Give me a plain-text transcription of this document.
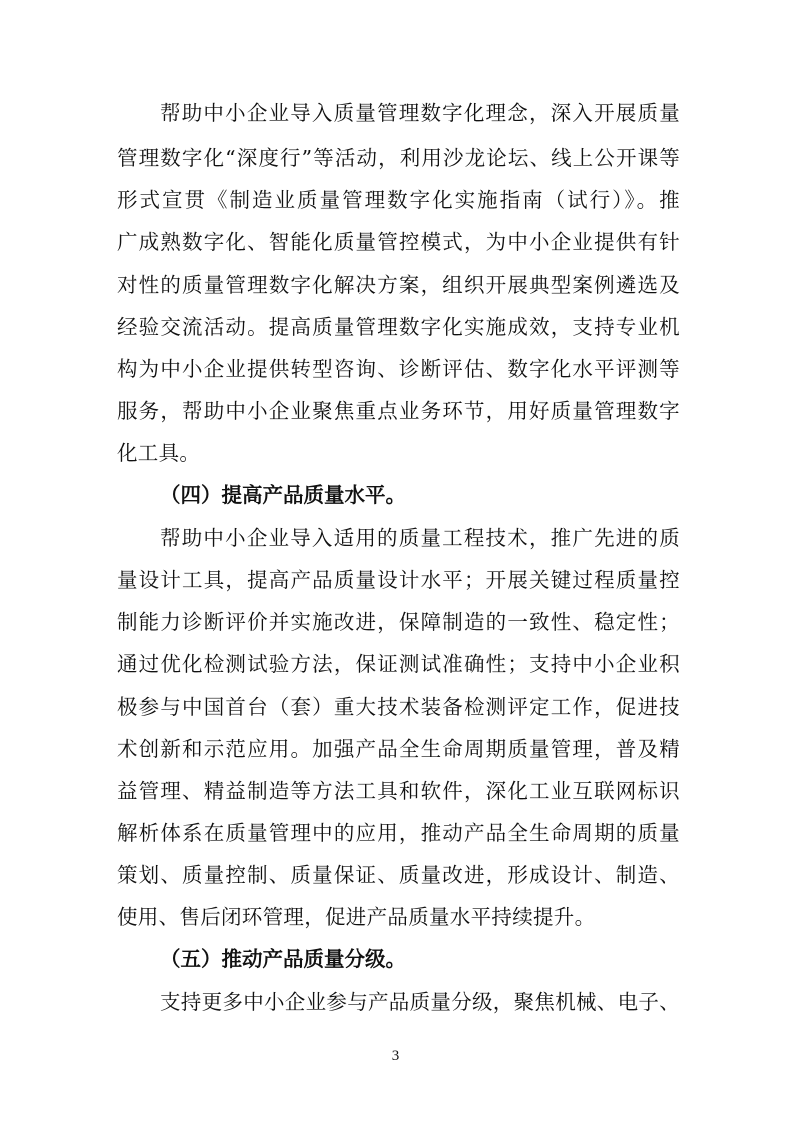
帮助中小企业导入质量管理数字化理念，深入开展质量
管理数字化“深度行”等活动，利用沙龙论坛、线上公开课等
形式宣贯《制造业质量管理数字化实施指南（试行）》。推
广成熟数字化、智能化质量管控模式，为中小企业提供有针
对性的质量管理数字化解决方案，组织开展典型案例遴选及
经验交流活动。提高质量管理数字化实施成效，支持专业机
构为中小企业提供转型咨询、诊断评估、数字化水平评测等
服务，帮助中小企业聚焦重点业务环节，用好质量管理数字
化工具。
（四）提高产品质量水平。
帮助中小企业导入适用的质量工程技术，推广先进的质
量设计工具，提高产品质量设计水平；开展关键过程质量控
制能力诊断评价并实施改进，保障制造的一致性、稳定性；
通过优化检测试验方法，保证测试准确性；支持中小企业积
极参与中国首台（套）重大技术装备检测评定工作，促进技
术创新和示范应用。加强产品全生命周期质量管理，普及精
益管理、精益制造等方法工具和软件，深化工业互联网标识
解析体系在质量管理中的应用，推动产品全生命周期的质量
策划、质量控制、质量保证、质量改进，形成设计、制造、
使用、售后闭环管理，促进产品质量水平持续提升。
（五）推动产品质量分级。
支持更多中小企业参与产品质量分级，聚焦机械、电子、
3
